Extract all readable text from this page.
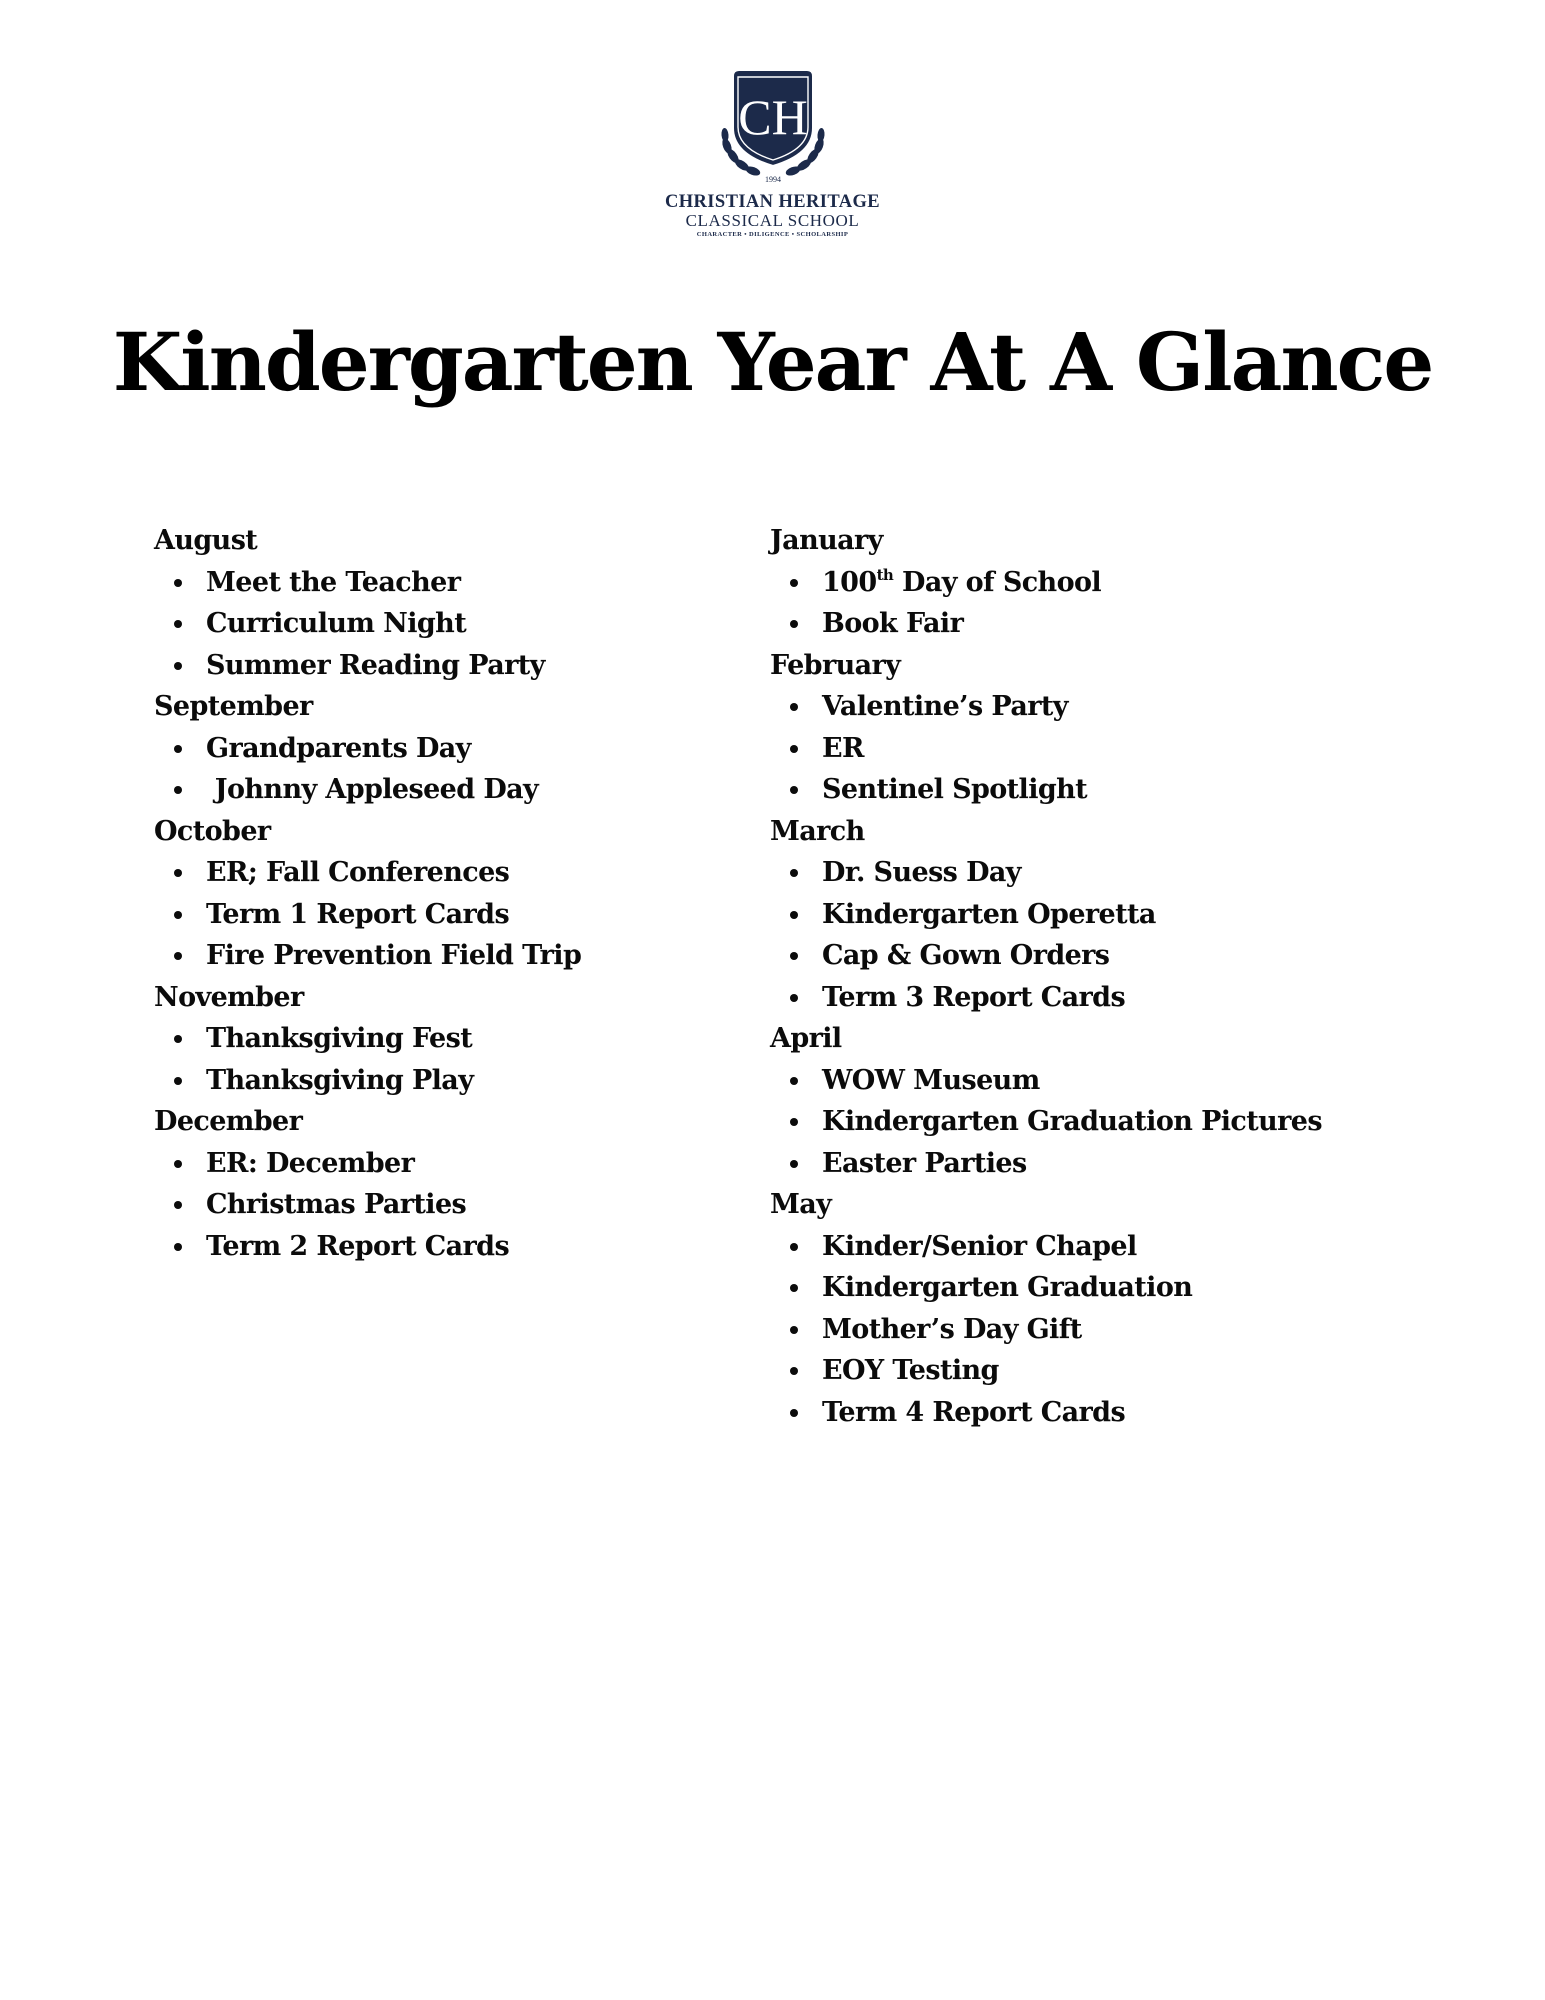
CH
1994
CHRISTIAN HERITAGE
CLASSICAL SCHOOL
CHARACTER • DILIGENCE • SCHOLARSHIP
Kindergarten Year At A Glance
August
Meet the Teacher
Curriculum Night
Summer Reading Party
September
Grandparents Day
Johnny Appleseed Day
October
ER; Fall Conferences
Term 1 Report Cards
Fire Prevention Field Trip
November
Thanksgiving Fest
Thanksgiving Play
December
ER: December
Christmas Parties
Term 2 Report Cards
January
100th Day of School
Book Fair
February
Valentine’s Party
ER
Sentinel Spotlight
March
Dr. Suess Day
Kindergarten Operetta
Cap & Gown Orders
Term 3 Report Cards
April
WOW Museum
Kindergarten Graduation Pictures
Easter Parties
May
Kinder/Senior Chapel
Kindergarten Graduation
Mother’s Day Gift
EOY Testing
Term 4 Report Cards
